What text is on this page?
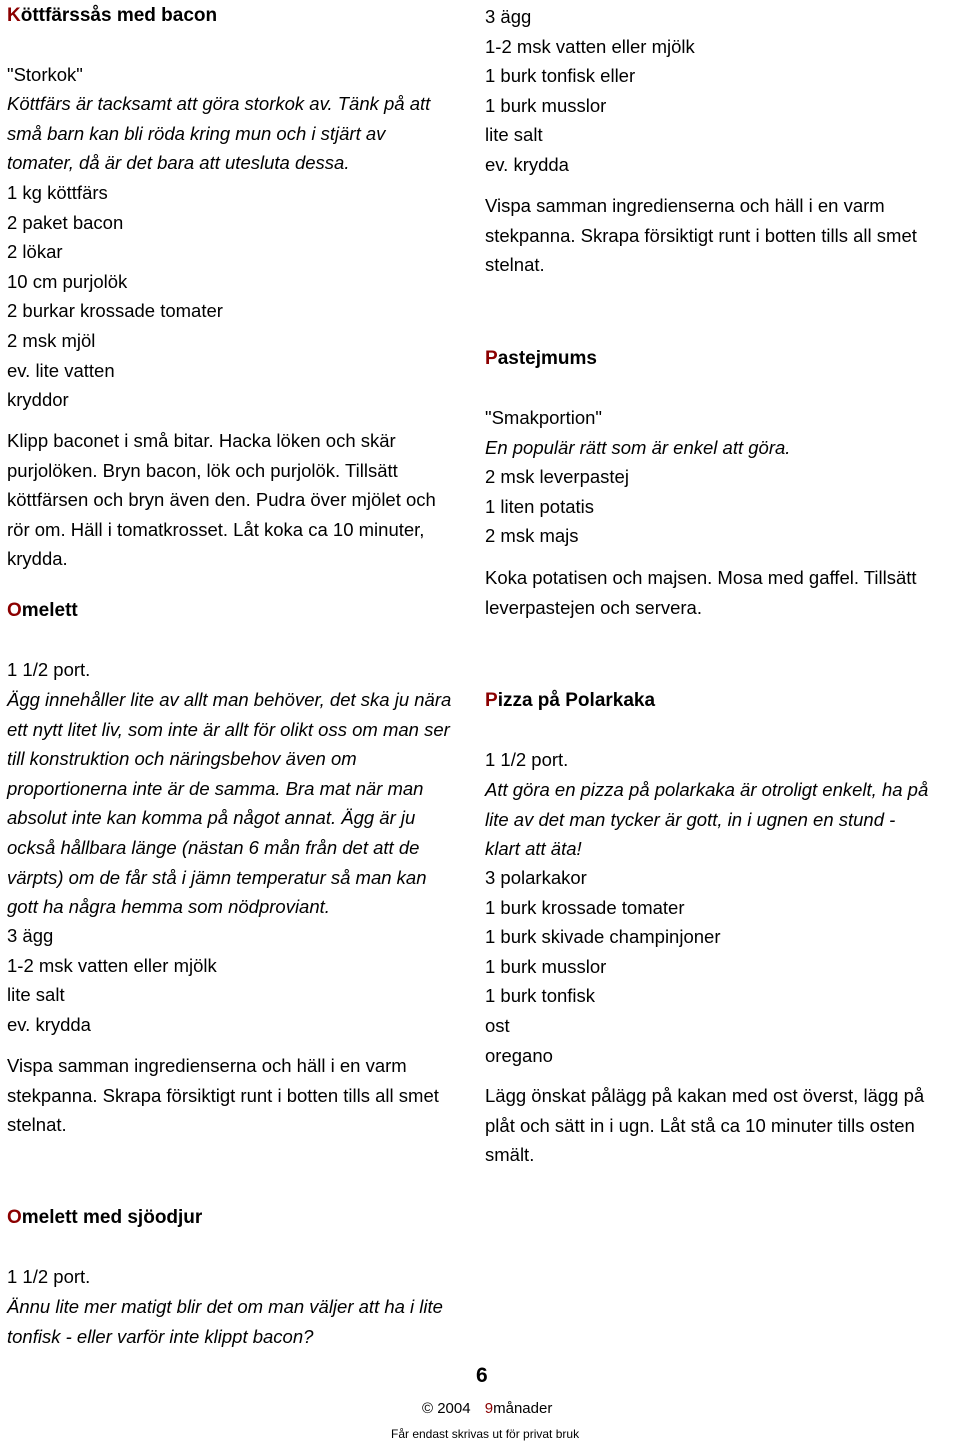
Köttfärssås med bacon
"Storkok"
Köttfärs är tacksamt att göra storkok av. Tänk på att
små barn kan bli röda kring mun och i stjärt av
tomater, då är det bara att utesluta dessa.
1 kg köttfärs
2 paket bacon
2 lökar
10 cm purjolök
2 burkar krossade tomater
2 msk mjöl
ev. lite vatten
kryddor
Klipp baconet i små bitar. Hacka löken och skär
purjolöken. Bryn bacon, lök och purjolök. Tillsätt
köttfärsen och bryn även den. Pudra över mjölet och
rör om. Häll i tomatkrosset. Låt koka ca 10 minuter,
krydda.
Omelett
1 1/2 port.
Ägg innehåller lite av allt man behöver, det ska ju nära
ett nytt litet liv, som inte är allt för olikt oss om man ser
till konstruktion och näringsbehov även om
proportionerna inte är de samma. Bra mat när man
absolut inte kan komma på något annat. Ägg är ju
också hållbara länge (nästan 6 mån från det att de
värpts) om de får stå i jämn temperatur så man kan
gott ha några hemma som nödproviant.
3 ägg
1-2 msk vatten eller mjölk
lite salt
ev. krydda
Vispa samman ingredienserna och häll i en varm
stekpanna. Skrapa försiktigt runt i botten tills all smet
stelnat.
Omelett med sjöodjur
1 1/2 port.
Ännu lite mer matigt blir det om man väljer att ha i lite
tonfisk - eller varför inte klippt bacon?
3 ägg
1-2 msk vatten eller mjölk
1 burk tonfisk eller
1 burk musslor
lite salt
ev. krydda
Vispa samman ingredienserna och häll i en varm
stekpanna. Skrapa försiktigt runt i botten tills all smet
stelnat.
Pastejmums
"Smakportion"
En populär rätt som är enkel att göra.
2 msk leverpastej
1 liten potatis
2 msk majs
Koka potatisen och majsen. Mosa med gaffel. Tillsätt
leverpastejen och servera.
Pizza på Polarkaka
1 1/2 port.
Att göra en pizza på polarkaka är otroligt enkelt, ha på
lite av det man tycker är gott, in i ugnen en stund -
klart att äta!
3 polarkakor
1 burk krossade tomater
1 burk skivade champinjoner
1 burk musslor
1 burk tonfisk
ost
oregano
Lägg önskat pålägg på kakan med ost överst, lägg på
plåt och sätt in i ugn. Låt stå ca 10 minuter tills osten
smält.
6
© 2004 9månader
Får endast skrivas ut för privat bruk
